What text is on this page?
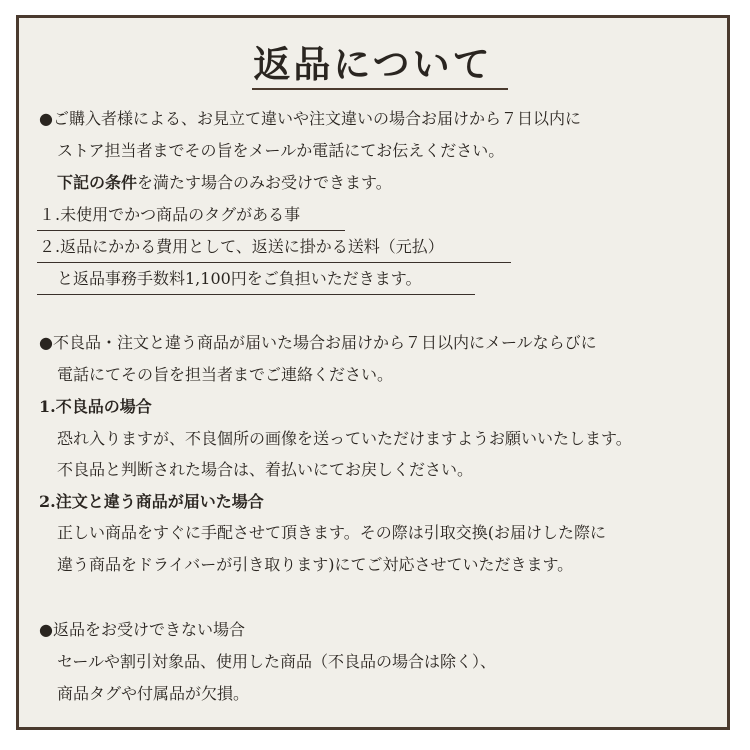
返品について
●ご購入者様による、お見立て違いや注文違いの場合お届けから７日以内に
ストア担当者までその旨をメールか電話にてお伝えください。
下記の条件を満たす場合のみお受けできます。
１.未使用でかつ商品のタグがある事
２.返品にかかる費用として、返送に掛かる送料（元払）
と返品事務手数料1,100円をご負担いただきます。
●不良品・注文と違う商品が届いた場合お届けから７日以内にメールならびに
電話にてその旨を担当者までご連絡ください。
1.不良品の場合
恐れ入りますが、不良個所の画像を送っていただけますようお願いいたします。
不良品と判断された場合は、着払いにてお戻しください。
2.注文と違う商品が届いた場合
正しい商品をすぐに手配させて頂きます。その際は引取交換(お届けした際に
違う商品をドライバーが引き取ります)にてご対応させていただきます。
●返品をお受けできない場合
セールや割引対象品、使用した商品（不良品の場合は除く）、
商品タグや付属品が欠損。
